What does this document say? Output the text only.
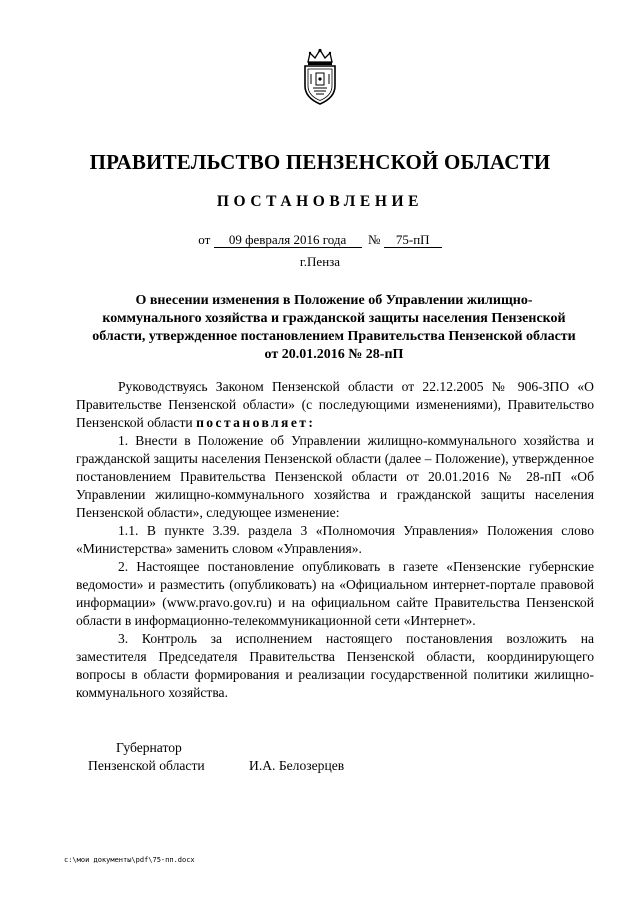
ПРАВИТЕЛЬСТВО ПЕНЗЕНСКОЙ ОБЛАСТИ
ПОСТАНОВЛЕНИЕ
от 09 февраля 2016 года № 75-пП
г.Пенза
О внесении изменения в Положение об Управлении жилищно-коммунального хозяйства и гражданской защиты населения Пензенской области, утвержденное постановлением Правительства Пензенской области от 20.01.2016 № 28-пП

Руководствуясь Законом Пензенской области от 22.12.2005 № 906-ЗПО «О Правительстве Пензенской области» (с последующими изменениями), Правительство Пензенской области постановляет:

1. Внести в Положение об Управлении жилищно-коммунального хозяйства и гражданской защиты населения Пензенской области (далее – Положение), утвержденное постановлением Правительства Пензенской области от 20.01.2016 № 28-пП «Об Управлении жилищно-коммунального хозяйства и гражданской защиты населения Пензенской области», следующее изменение:

1.1. В пункте 3.39. раздела 3 «Полномочия Управления» Положения слово «Министерства» заменить словом «Управления».

2. Настоящее постановление опубликовать в газете «Пензенские губернские ведомости» и разместить (опубликовать) на «Официальном интернет-портале правовой информации» (www.pravo.gov.ru) и на официальном сайте Правительства Пензенской области в информационно-телекоммуникационной сети «Интернет».

3. Контроль за исполнением настоящего постановления возложить на заместителя Председателя Правительства Пензенской области, координирующего вопросы в области формирования и реализации государственной политики жилищно-коммунального хозяйства.

Губернатор
Пензенской области	И.А. Белозерцев
c:\мои документы\pdf\75-пп.docx
